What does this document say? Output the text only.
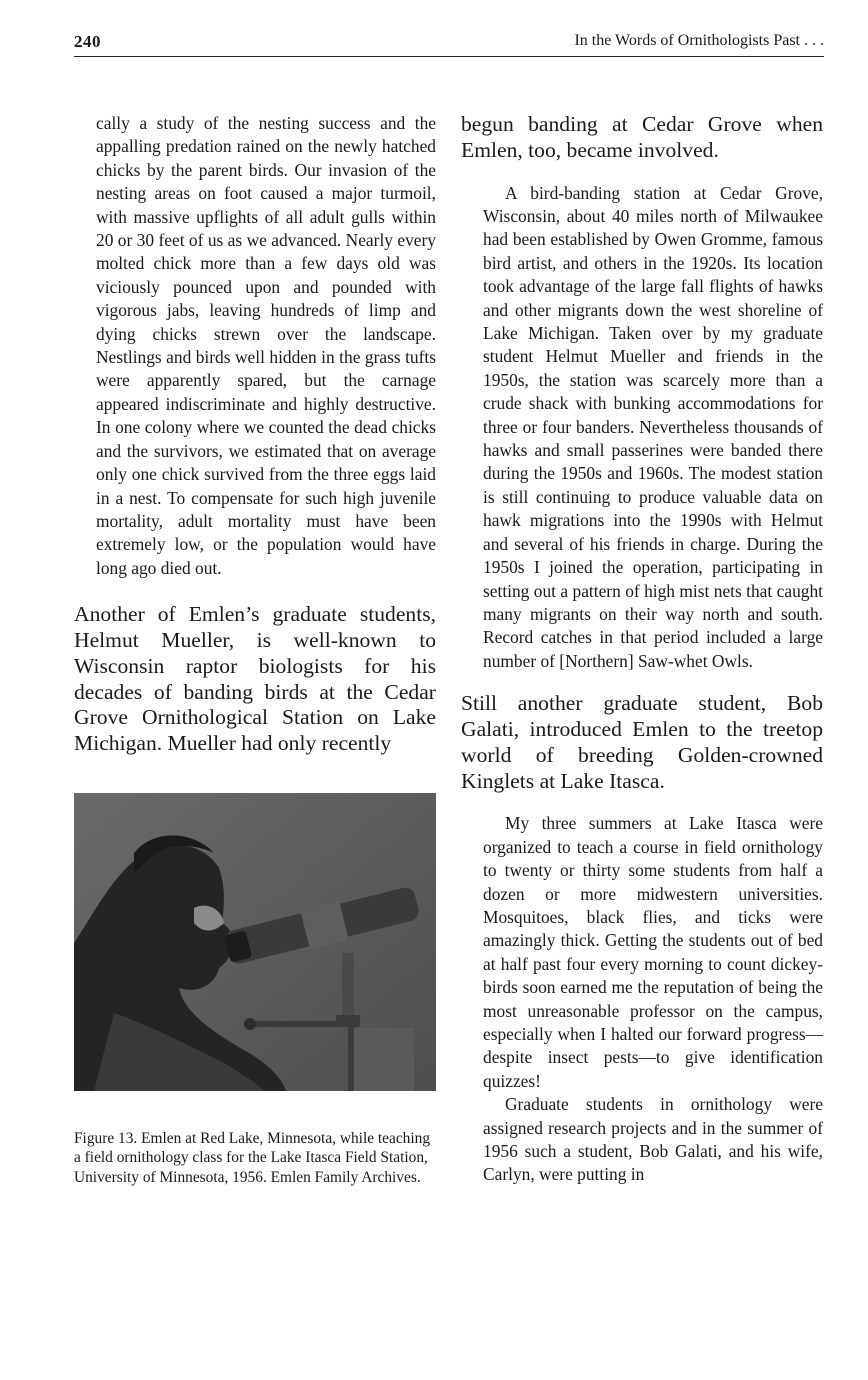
240	In the Words of Ornithologists Past . . .

cally a study of the nesting success and the appalling predation rained on the newly hatched chicks by the parent birds. Our invasion of the nesting areas on foot caused a major turmoil, with massive upflights of all adult gulls within 20 or 30 feet of us as we advanced. Nearly every molted chick more than a few days old was viciously pounced upon and pounded with vigorous jabs, leaving hundreds of limp and dying chicks strewn over the landscape. Nestlings and birds well hidden in the grass tufts were apparently spared, but the carnage appeared indiscriminate and highly destructive. In one colony where we counted the dead chicks and the survivors, we estimated that on average only one chick survived from the three eggs laid in a nest. To compensate for such high juvenile mortality, adult mortality must have been extremely low, or the population would have long ago died out.

Another of Emlen’s graduate students, Helmut Mueller, is well-known to Wisconsin raptor biologists for his decades of banding birds at the Cedar Grove Ornithological Station on Lake Michigan. Mueller had only recently

Figure 13. Emlen at Red Lake, Minnesota, while teaching a field ornithology class for the Lake Itasca Field Station, University of Minnesota, 1956. Emlen Family Archives.

begun banding at Cedar Grove when Emlen, too, became involved.

A bird-banding station at Cedar Grove, Wisconsin, about 40 miles north of Milwaukee had been established by Owen Gromme, famous bird artist, and others in the 1920s. Its location took advantage of the large fall flights of hawks and other migrants down the west shoreline of Lake Michigan. Taken over by my graduate student Helmut Mueller and friends in the 1950s, the station was scarcely more than a crude shack with bunking accommodations for three or four banders. Nevertheless thousands of hawks and small passerines were banded there during the 1950s and 1960s. The modest station is still continuing to produce valuable data on hawk migrations into the 1990s with Helmut and several of his friends in charge. During the 1950s I joined the operation, participating in setting out a pattern of high mist nets that caught many migrants on their way north and south. Record catches in that period included a large number of [Northern] Saw-whet Owls.

Still another graduate student, Bob Galati, introduced Emlen to the treetop world of breeding Golden-crowned Kinglets at Lake Itasca.

My three summers at Lake Itasca were organized to teach a course in field ornithology to twenty or thirty some students from half a dozen or more midwestern universities. Mosquitoes, black flies, and ticks were amazingly thick. Getting the students out of bed at half past four every morning to count dickey-birds soon earned me the reputation of being the most unreasonable professor on the campus, especially when I halted our forward progress—despite insect pests—to give identification quizzes!

Graduate students in ornithology were assigned research projects and in the summer of 1956 such a student, Bob Galati, and his wife, Carlyn, were putting in
